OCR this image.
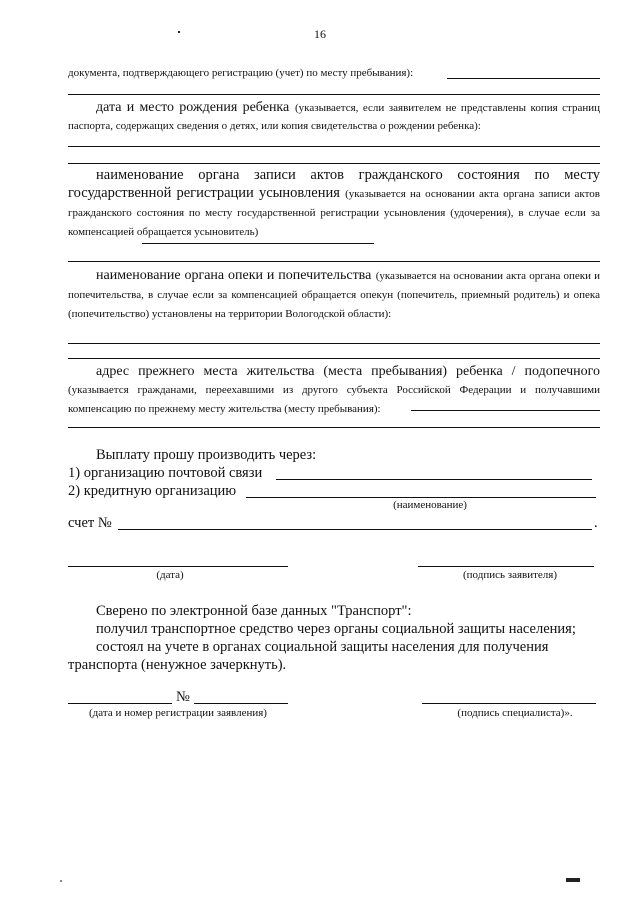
16
документа, подтверждающего регистрацию (учет) по месту пребывания):
дата и место рождения ребенка (указывается, если заявителем не представлены копия страниц паспорта, содержащих сведения о детях, или копия свидетельства о рождении ребенка):
наименование органа записи актов гражданского состояния по месту государственной регистрации усыновления (указывается на основании акта органа записи актов гражданского состояния по месту государственной регистрации усыновления (удочерения), в случае если за компенсацией обращается усыновитель)
наименование органа опеки и попечительства (указывается на основании акта органа опеки и попечительства, в случае если за компенсацией обращается опекун (попечитель, приемный родитель) и опека (попечительство) установлены на территории Вологодской области):
адрес прежнего места жительства (места пребывания) ребенка / подопечного (указывается гражданами, переехавшими из другого субъекта Российской Федерации и получавшими компенсацию по прежнему месту жительства (месту пребывания):
Выплату прошу производить через:
1) организацию почтовой связи
2) кредитную организацию
(наименование)
счет №	.
(дата)	(подпись заявителя)
Сверено по электронной базе данных "Транспорт":
получил транспортное средство через органы социальной защиты населения;
состоял на учете в органах социальной защиты населения для получения транспорта (ненужное зачеркнуть).
№
(дата и номер регистрации заявления)	(подпись специалиста)».
